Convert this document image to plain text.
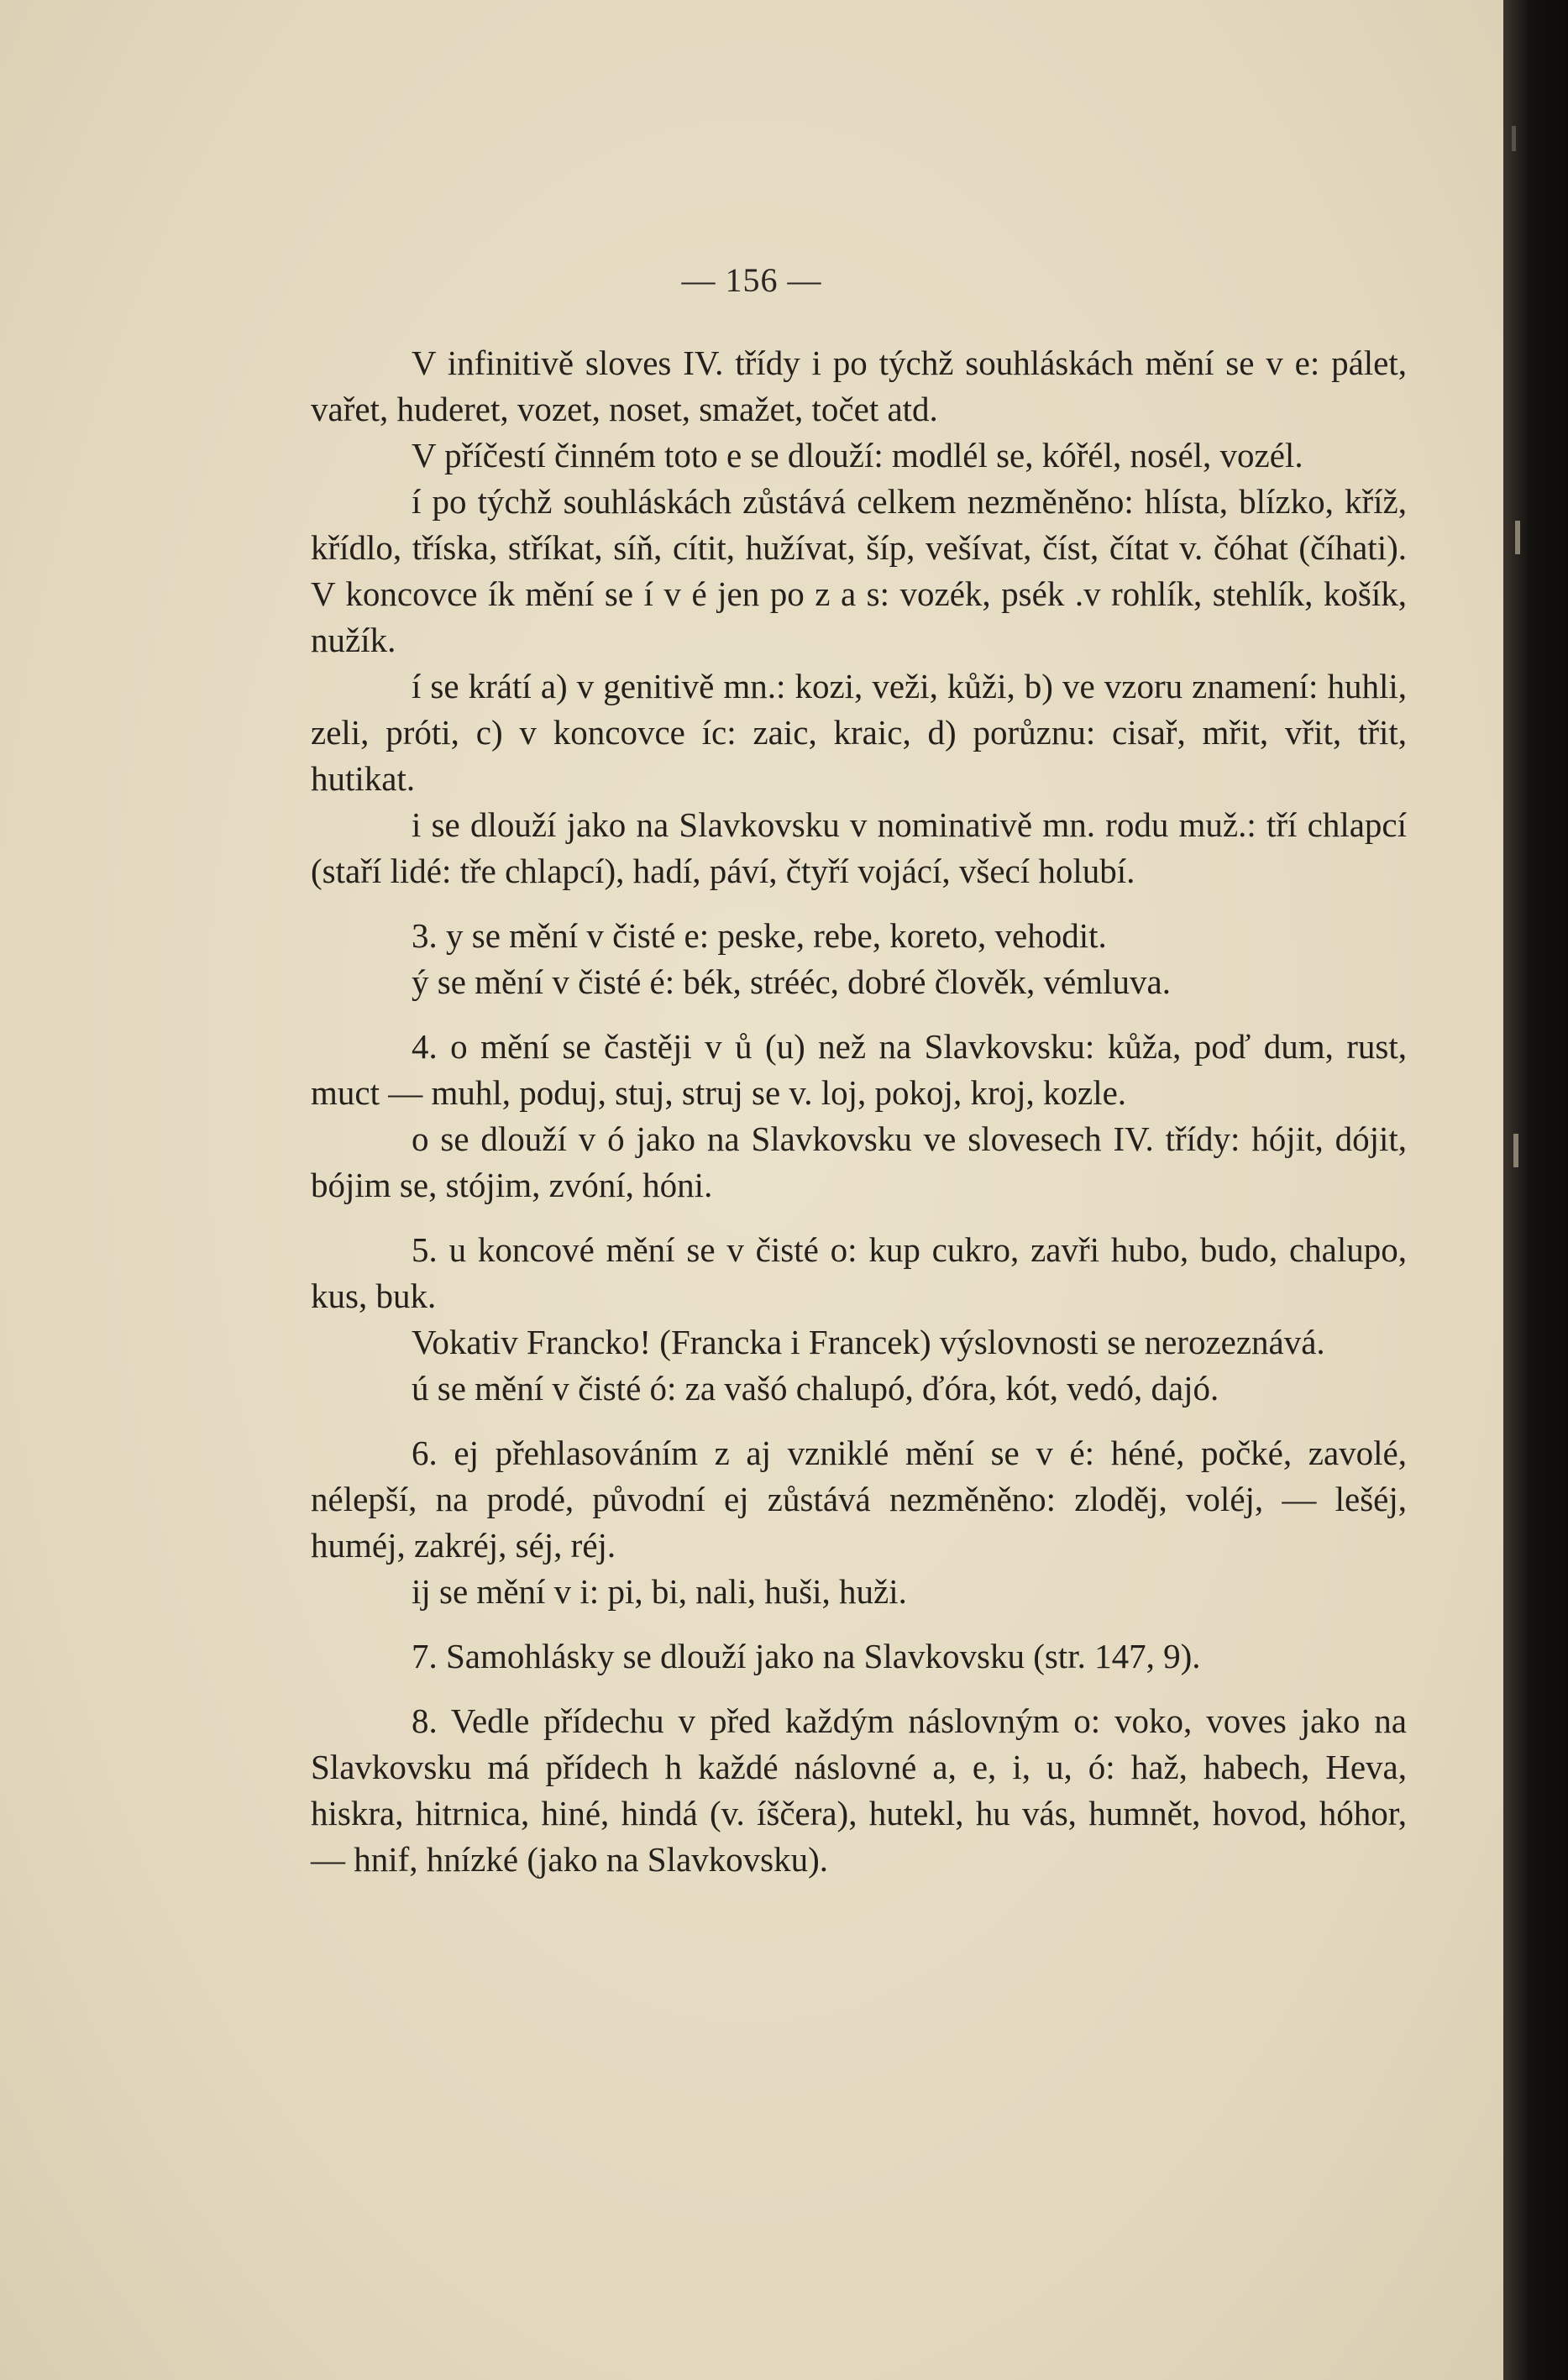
— 156 —

V infinitivě sloves IV. třídy i po týchž souhláskách mění se v e: pálet, vařet, huderet, vozet, noset, smažet, točet atd.

V příčestí činném toto e se dlouží: modlél se, kóřél, nosél, vozél.

í po týchž souhláskách zůstává celkem nezměněno: hlísta, blízko, kříž, křídlo, tříska, stříkat, síň, cítit, hužívat, šíp, vešívat, číst, čítat v. čóhat (číhati). V koncovce ík mění se í v é jen po z a s: vozék, psék .v rohlík, stehlík, košík, nužík.

í se krátí a) v genitivě mn.: kozi, veži, kůži, b) ve vzoru znamení: huhli, zeli, próti, c) v koncovce íc: zaic, kraic, d) porůznu: cisař, mřit, vřit, třit, hutikat.

i se dlouží jako na Slavkovsku v nominativě mn. rodu muž.: tří chlapcí (staří lidé: tře chlapcí), hadí, páví, čtyří vojácí, všecí holubí.

3. y se mění v čisté e: peske, rebe, koreto, vehodit.

ý se mění v čisté é: bék, strééc, dobré člověk, vémluva.

4. o mění se častěji v ů (u) než na Slavkovsku: kůža, poď dum, rust, muct — muhl, poduj, stuj, struj se v. loj, pokoj, kroj, kozle.

o se dlouží v ó jako na Slavkovsku ve slovesech IV. třídy: hójit, dójit, bójim se, stójim, zvóní, hóni.

5. u koncové mění se v čisté o: kup cukro, zavři hubo, budo, chalupo, kus, buk.

Vokativ Francko! (Francka i Francek) výslovnosti se nerozeznává.

ú se mění v čisté ó: za vašó chalupó, ďóra, kót, vedó, dajó.

6. ej přehlasováním z aj vzniklé mění se v é: héné, počké, zavolé, nélepší, na prodé, původní ej zůstává nezměněno: zloděj, voléj, — lešéj, huméj, zakréj, séj, réj.

ij se mění v i: pi, bi, nali, huši, huži.

7. Samohlásky se dlouží jako na Slavkovsku (str. 147, 9).

8. Vedle přídechu v před každým náslovným o: voko, voves jako na Slavkovsku má přídech h každé náslovné a, e, i, u, ó: haž, habech, Heva, hiskra, hitrnica, hiné, hindá (v. íščera), hutekl, hu vás, humnět, hovod, hóhor, — hnif, hnízké (jako na Slavkovsku).
